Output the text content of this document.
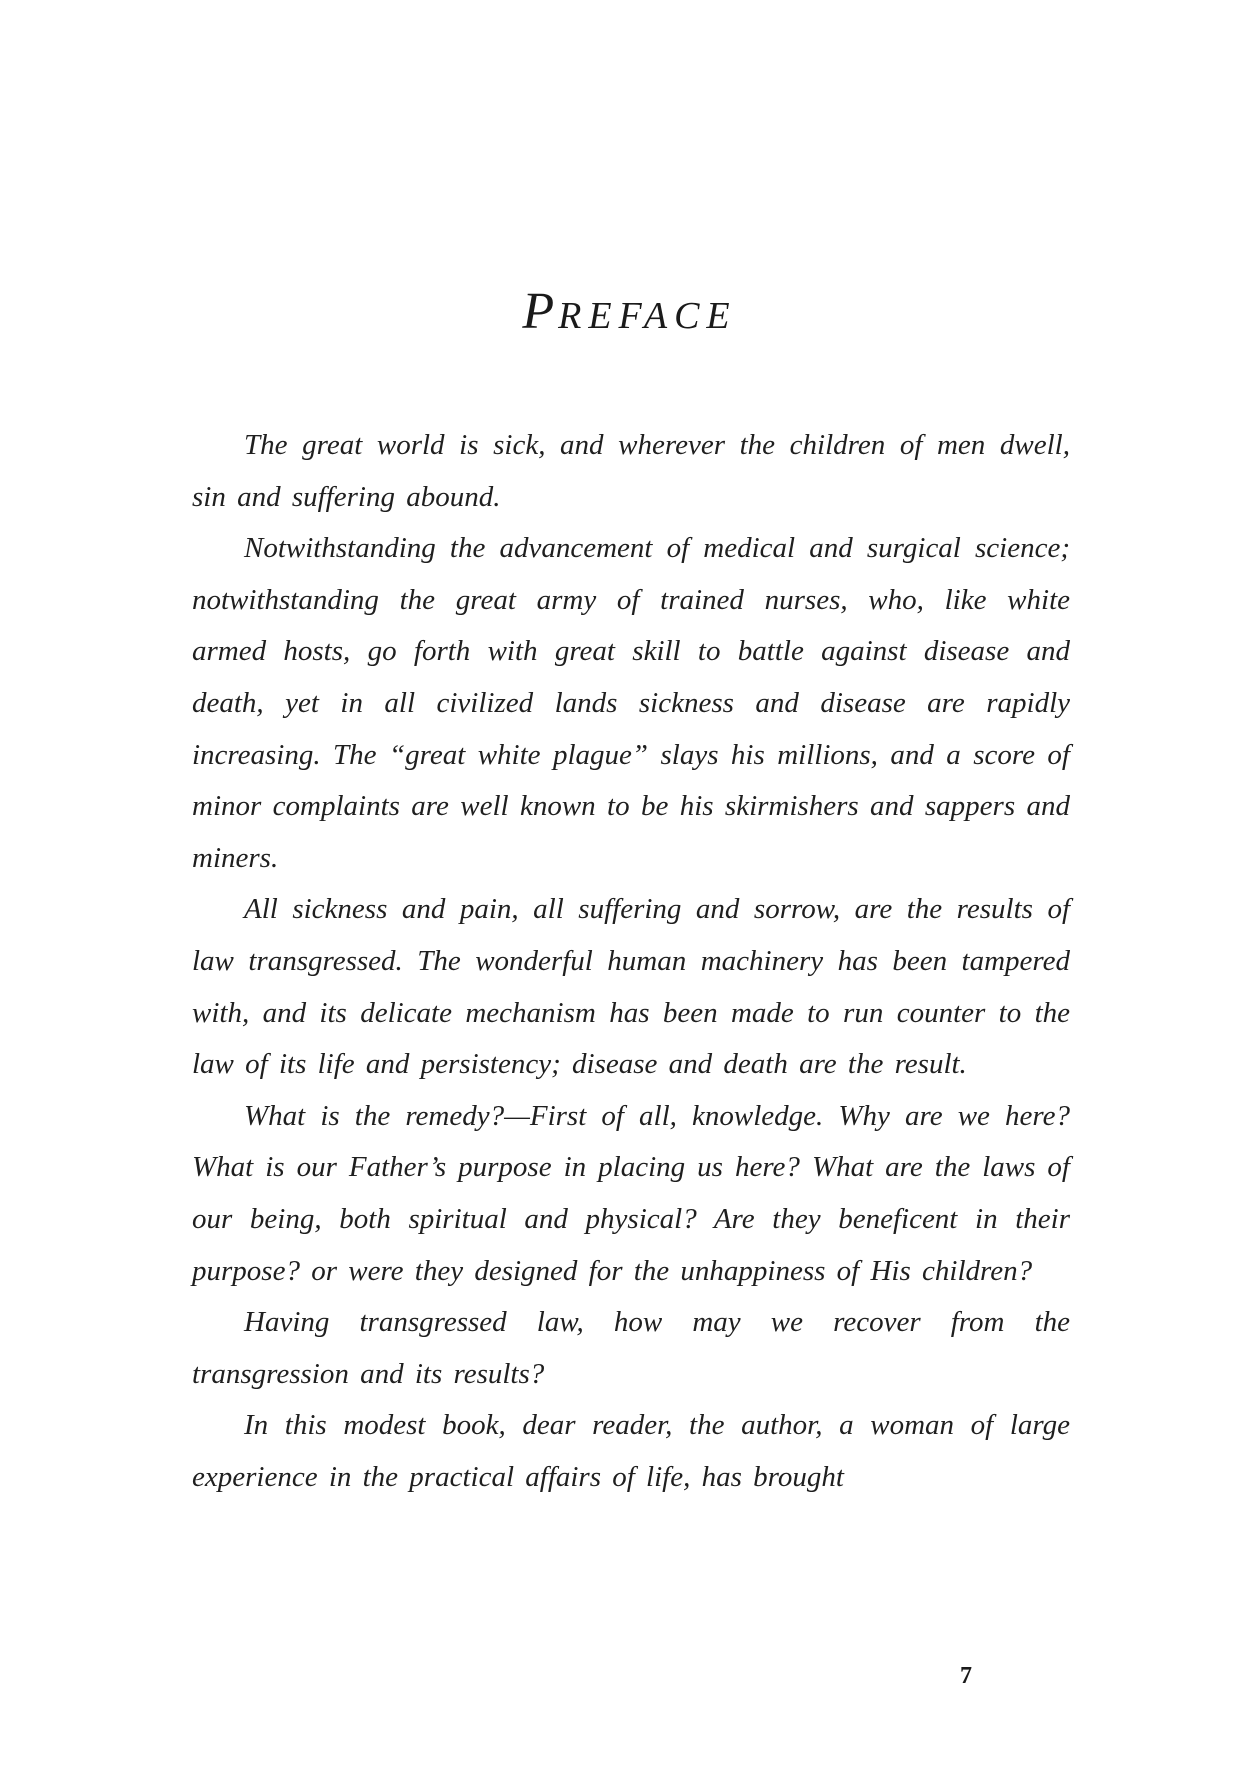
PREFACE

The great world is sick, and wherever the children of men dwell, sin and suffering abound.

Notwithstanding the advancement of medical and surgical science; notwithstanding the great army of trained nurses, who, like white armed hosts, go forth with great skill to battle against disease and death, yet in all civilized lands sickness and disease are rapidly increasing. The “great white plague” slays his millions, and a score of minor complaints are well known to be his skirmishers and sappers and miners.

All sickness and pain, all suffering and sorrow, are the results of law transgressed. The wonderful human machinery has been tampered with, and its delicate mechanism has been made to run counter to the law of its life and persistency; disease and death are the result.

What is the remedy?—First of all, knowledge. Why are we here? What is our Father’s purpose in placing us here? What are the laws of our being, both spiritual and physical? Are they beneficent in their purpose? or were they designed for the unhappiness of His children?

Having transgressed law, how may we recover from the transgression and its results?

In this modest book, dear reader, the author, a woman of large experience in the practical affairs of life, has brought

7
